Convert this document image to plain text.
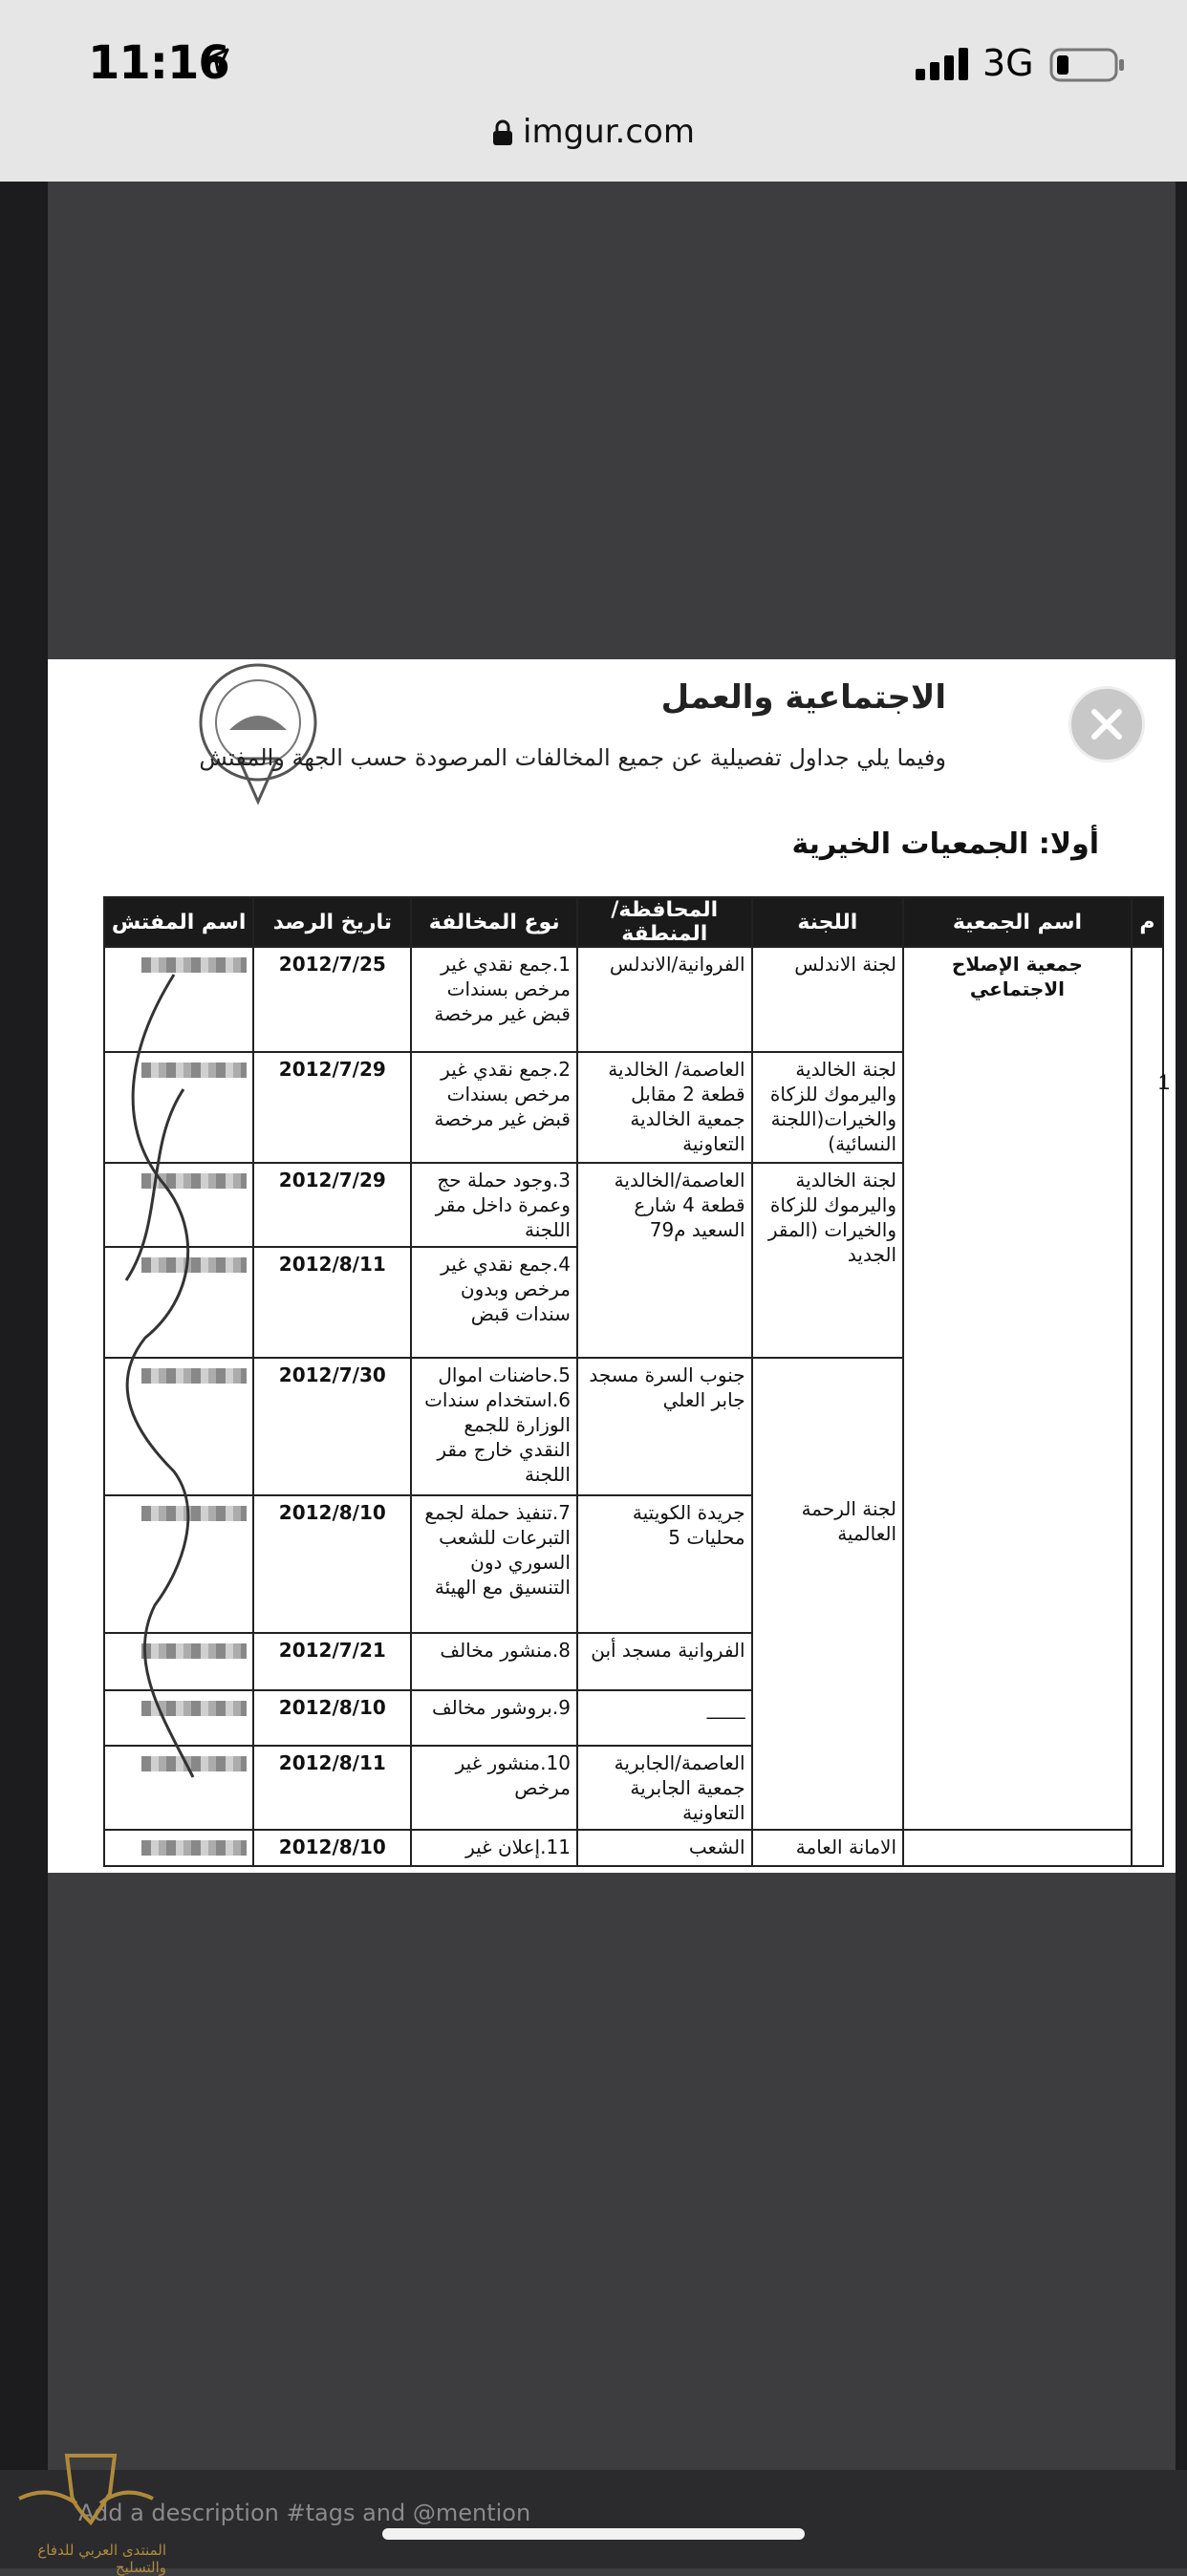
11:16	3G
imgur.com
الاجتماعية والعمل
وفيما يلي جداول تفصيلية عن جميع المخالفات المرصودة حسب الجهة والمفتش
أولا: الجمعيات الخيرية
م	اسم الجمعية	اللجنة	المحافظة/المنطقة	نوع المخالفة	تاريخ الرصد	اسم المفتش
	جمعية الإصلاح الاجتماعي	لجنة الاندلس	الفروانية/الاندلس	1.جمع نقدي غير مرخص بسندات قبض غير مرخصة	2012/7/25	
		لجنة الخالدية واليرموك للزكاة والخيرات(اللجنة النسائية)	العاصمة/ الخالدية قطعة 2 مقابل جمعية الخالدية التعاونية	2.جمع نقدي غير مرخص بسندات قبض غير مرخصة	2012/7/29	
		لجنة الخالدية واليرموك للزكاة والخيرات (المقر الجديد	العاصمة/الخالدية قطعة 4 شارع السعيد م79	3.وجود حملة حج وعمرة داخل مقر اللجنة	2012/7/29	
				4.جمع نقدي غير مرخص وبدون سندات قبض	2012/8/11	

		لجنة الرحمة العالمية	جنوب السرة مسجد جابر العلي	5.حاضنات اموال 6.استخدام سندات الوزارة للجمع النقدي خارج مقر اللجنة	2012/7/30	
			جريدة الكويتية محليات 5	7.تنفيذ حملة لجمع التبرعات للشعب السوري دون التنسيق مع الهيئة	2012/8/10	
			الفروانية مسجد أبن	8.منشور مخالف	2012/7/21	
			____	9.بروشور مخالف	2012/8/10	
			العاصمة/الجابرية جمعية الجابرية التعاونية	10.منشور غير مرخص	2012/8/11	
		الامانة العامة	الشعب	11.إعلان غير	2012/8/10	
1
Add a description #tags and @mention
المنتدى العربي للدفاع والتسليح
